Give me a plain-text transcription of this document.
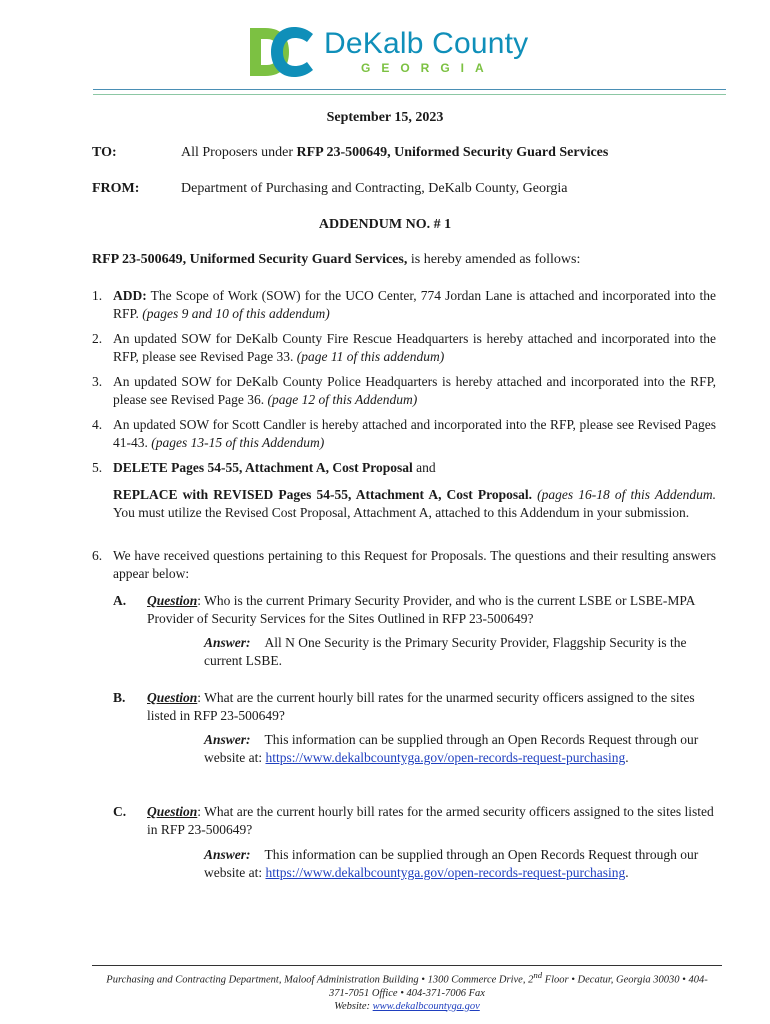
DeKalb County
GEORGIA
September 15, 2023
TO:	All Proposers under RFP 23-500649, Uniformed Security Guard Services
FROM:	Department of Purchasing and Contracting, DeKalb County, Georgia
ADDENDUM NO. # 1
RFP 23-500649, Uniformed Security Guard Services, is hereby amended as follows:
1. ADD: The Scope of Work (SOW) for the UCO Center, 774 Jordan Lane is attached and incorporated into the RFP. (pages 9 and 10 of this addendum)
2. An updated SOW for DeKalb County Fire Rescue Headquarters is hereby attached and incorporated into the RFP, please see Revised Page 33. (page 11 of this addendum)
3. An updated SOW for DeKalb County Police Headquarters is hereby attached and incorporated into the RFP, please see Revised Page 36. (page 12 of this Addendum)
4. An updated SOW for Scott Candler is hereby attached and incorporated into the RFP, please see Revised Pages 41-43. (pages 13-15 of this Addendum)
5. DELETE Pages 54-55, Attachment A, Cost Proposal and
REPLACE with REVISED Pages 54-55, Attachment A, Cost Proposal. (pages 16-18 of this Addendum. You must utilize the Revised Cost Proposal, Attachment A, attached to this Addendum in your submission.
6. We have received questions pertaining to this Request for Proposals. The questions and their resulting answers appear below:
A. Question: Who is the current Primary Security Provider, and who is the current LSBE or LSBE-MPA Provider of Security Services for the Sites Outlined in RFP 23-500649?
Answer: All N One Security is the Primary Security Provider, Flaggship Security is the current LSBE.
B. Question: What are the current hourly bill rates for the unarmed security officers assigned to the sites listed in RFP 23-500649?
Answer: This information can be supplied through an Open Records Request through our website at: https://www.dekalbcountyga.gov/open-records-request-purchasing.
C. Question: What are the current hourly bill rates for the armed security officers assigned to the sites listed in RFP 23-500649?
Answer: This information can be supplied through an Open Records Request through our website at: https://www.dekalbcountyga.gov/open-records-request-purchasing.
Purchasing and Contracting Department, Maloof Administration Building • 1300 Commerce Drive, 2nd Floor • Decatur, Georgia 30030 • 404-
371-7051 Office • 404-371-7006 Fax
Website: www.dekalbcountyga.gov
